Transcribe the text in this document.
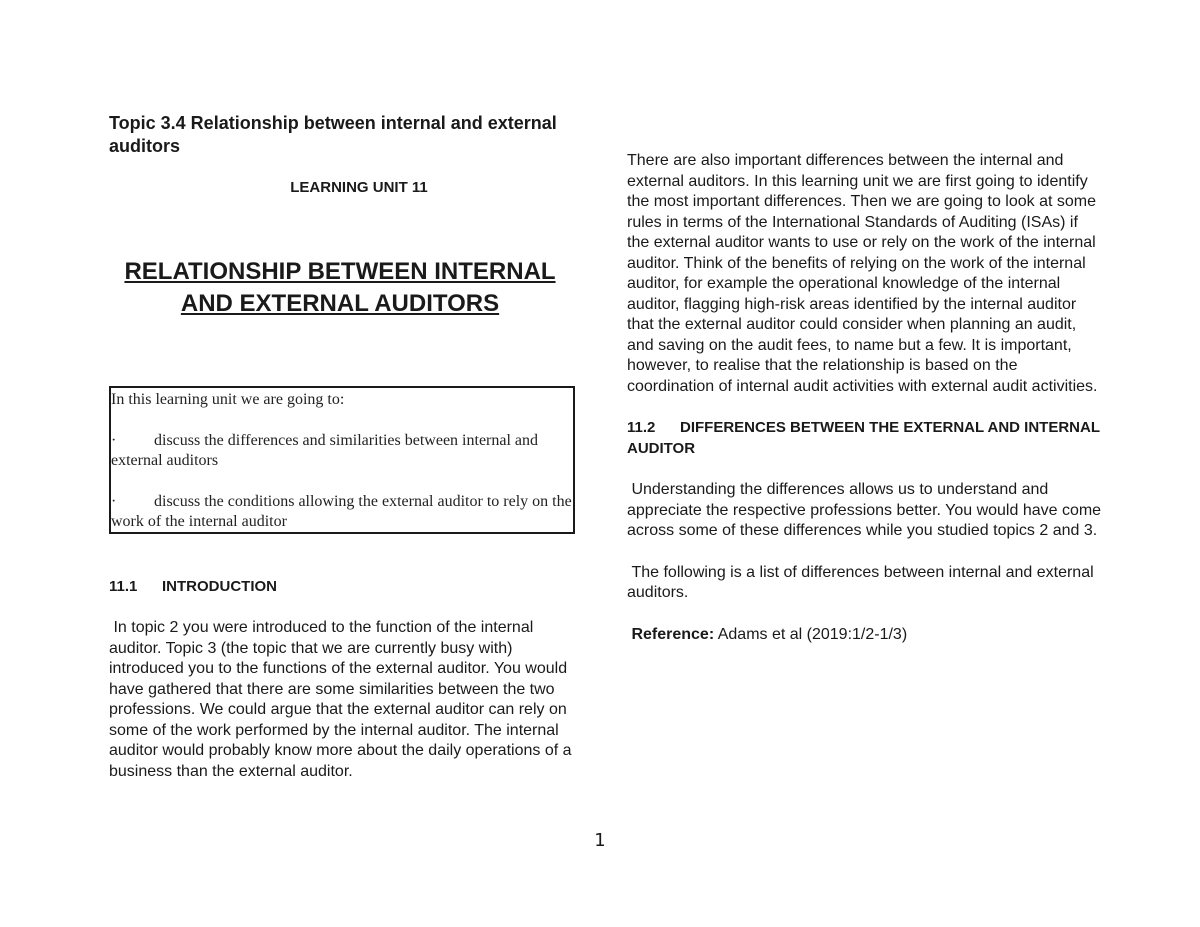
Topic 3.4 Relationship between internal and external auditors
LEARNING UNIT 11
RELATIONSHIP BETWEEN INTERNAL AND EXTERNAL AUDITORS

In this learning unit we are going to:

· discuss the differences and similarities between internal and external auditors

· discuss the conditions allowing the external auditor to rely on the work of the internal auditor

11.1 INTRODUCTION

In topic 2 you were introduced to the function of the internal auditor. Topic 3 (the topic that we are currently busy with) introduced you to the functions of the external auditor. You would have gathered that there are some similarities between the two professions. We could argue that the external auditor can rely on some of the work performed by the internal auditor. The internal auditor would probably know more about the daily operations of a business than the external auditor.

There are also important differences between the internal and external auditors. In this learning unit we are first going to identify the most important differences. Then we are going to look at some rules in terms of the International Standards of Auditing (ISAs) if the external auditor wants to use or rely on the work of the internal auditor. Think of the benefits of relying on the work of the internal auditor, for example the operational knowledge of the internal auditor, flagging high-risk areas identified by the internal auditor that the external auditor could consider when planning an audit, and saving on the audit fees, to name but a few. It is important, however, to realise that the relationship is based on the coordination of internal audit activities with external audit activities.

11.2 DIFFERENCES BETWEEN THE EXTERNAL AND INTERNAL AUDITOR

Understanding the differences allows us to understand and appreciate the respective professions better. You would have come across some of these differences while you studied topics 2 and 3.

The following is a list of differences between internal and external auditors.

Reference: Adams et al (2019:1/2-1/3)

1
